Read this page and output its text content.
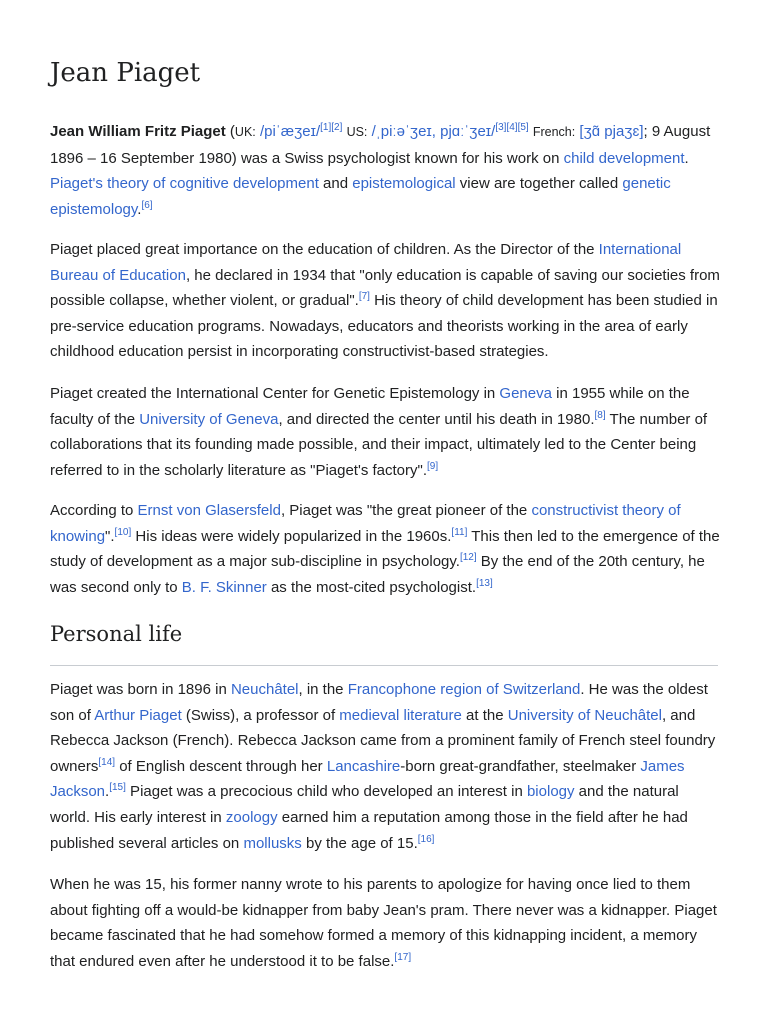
Jean Piaget

Jean William Fritz Piaget (UK: /piˈæʒeɪ/[1][2] US: /ˌpiːəˈʒeɪ, pjɑːˈʒeɪ/[3][4][5] French: [ʒɑ̃ pjaʒɛ]; 9 August 1896 – 16 September 1980) was a Swiss psychologist known for his work on child development. Piaget's theory of cognitive development and epistemological view are together called genetic epistemology.[6]

Piaget placed great importance on the education of children. As the Director of the International Bureau of Education, he declared in 1934 that "only education is capable of saving our societies from possible collapse, whether violent, or gradual".[7] His theory of child development has been studied in pre-service education programs. Nowadays, educators and theorists working in the area of early childhood education persist in incorporating constructivist-based strategies.

Piaget created the International Center for Genetic Epistemology in Geneva in 1955 while on the faculty of the University of Geneva, and directed the center until his death in 1980.[8] The number of collaborations that its founding made possible, and their impact, ultimately led to the Center being referred to in the scholarly literature as "Piaget's factory".[9]

According to Ernst von Glasersfeld, Piaget was "the great pioneer of the constructivist theory of knowing".[10] His ideas were widely popularized in the 1960s.[11] This then led to the emergence of the study of development as a major sub-discipline in psychology.[12] By the end of the 20th century, he was second only to B. F. Skinner as the most-cited psychologist.[13]

Personal life

Piaget was born in 1896 in Neuchâtel, in the Francophone region of Switzerland. He was the oldest son of Arthur Piaget (Swiss), a professor of medieval literature at the University of Neuchâtel, and Rebecca Jackson (French). Rebecca Jackson came from a prominent family of French steel foundry owners[14] of English descent through her Lancashire-born great-grandfather, steelmaker James Jackson.[15] Piaget was a precocious child who developed an interest in biology and the natural world. His early interest in zoology earned him a reputation among those in the field after he had published several articles on mollusks by the age of 15.[16]

When he was 15, his former nanny wrote to his parents to apologize for having once lied to them about fighting off a would-be kidnapper from baby Jean's pram. There never was a kidnapper. Piaget became fascinated that he had somehow formed a memory of this kidnapping incident, a memory that endured even after he understood it to be false.[17]
